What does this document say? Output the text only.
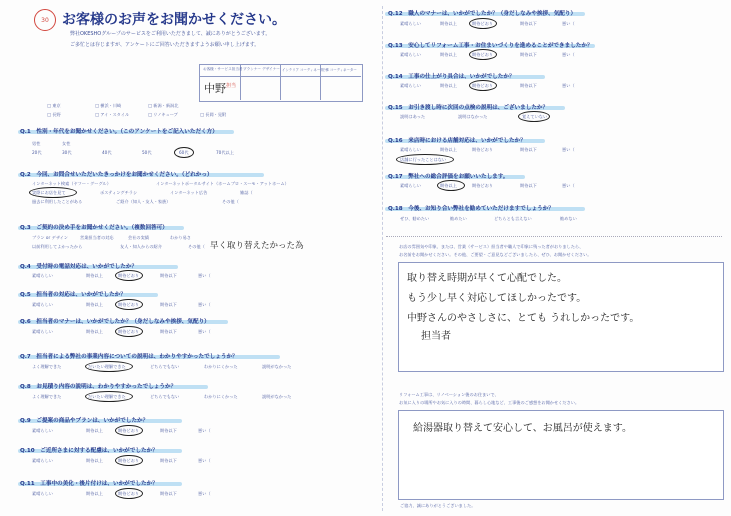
30 お客様のお声をお聞かせください。
弊社OKESHOグループのサービスをご利用いただきまして、誠にありがとうございます。
ご多忙とは存じますが、アンケートにご回答いただきますようお願い申し上げます。
お客様・サービス担当者 プランナー デザイナー インテリア コーディネーター
工事 コーディネーター
中野 担当
□ 東京	□ 横浜・川崎	□ 新潟・新潟北
□ 長野	□ アイ・スタイル	□ リノキューブ	□ 長岡・見附
Q.1　性別・年代をお聞かせください。（このアンケートをご記入いただく方）
男性	女性
20代	30代	40代	50代	60代	70代以上
Q.2　今回、お問合せいただいたきっかけをお聞かせください。（どれかっ）
インターネット検索（ヤフー・グーグル）	インターネットポータルサイト（ホームプロ・スーモ・アットホーム）
実際にお店を見て	ポスティングチラシ	インターネット広告	雑誌（
過去に利用したことがある	ご紹介（知人・友人・家族）	その他（
Q.3　ご契約の決め手をお聞かせください。（複数回答可）
プラン or デザイン	営業担当者の対応	会社の実績	わかり易さ
以前利用してよかったから	友人・知人からの紹介	その他（ 早く取り替えたかった為
Q.4　受付時の電話対応は、いかがでしたか？
素晴らしい	期待以上	期待どおり	期待以下	悪い（
Q.5　担当者の対応は、いかがでしたか？
素晴らしい	期待以上	期待どおり	期待以下	悪い（
Q.6　担当者のマナーは、いかがでしたか？（身だしなみや挨拶、気配り）
素晴らしい	期待以上	期待どおり	期待以下	悪い（
Q.7　担当者による弊社の事業内容についての説明は、わかりやすかったでしょうか？
よく理解できた	だいたい理解できた	どちらでもない	わかりにくかった	説明がなかった
Q.8　お見積り内容の説明は、わかりやすかったでしょうか？
よく理解できた	だいたい理解できた	どちらでもない	わかりにくかった	説明がなかった
Q.9　ご提案の商品やプランは、いかがでしたか？
素晴らしい	期待以上	期待どおり	期待以下	悪い（
Q.10　ご近所さまに対する配慮は、いかがでしたか？
素晴らしい	期待以上	期待どおり	期待以下	悪い（
Q.11　工事中の美化・後片付けは、いかがでしたか？
素晴らしい	期待以上	期待どおり	期待以下	悪い（
Q.12　職人のマナーは、いかがでしたか？（身だしなみや挨拶、気配り）
素晴らしい	期待以上	期待どおり	期待以下	悪い（
Q.13　安心してリフォーム工事・お住まいづくりを進めることができましたか？
素晴らしい	期待以上	期待どおり	期待以下	悪い（
Q.14　工事の仕上がり具合は、いかがでしたか？
素晴らしい	期待以上	期待どおり	期待以下	悪い（
Q.15　お引き渡し時に次回の点検の説明は、ございましたか？
説明はあった	説明はなかった	覚えていない
Q.16　来店時における店舗対応は、いかがでしたか？
素晴らしい	期待以上	期待どおり	期待以下	悪い（
店舗に行ったことはない
Q.17　弊社への総合評価をお願いいたします。
素晴らしい	期待以上	期待どおり	期待以下	悪い（
Q.18　今後、お知り合い弊社を勧めていただけますでしょうか？
ぜひ、勧めたい	勧めたい	どちらとも言えない	勧めない
お店の雰囲気や印象、または、営業（サービス）担当者や職人で印象に残った者がおりましたら、
お名前をお聞かせください。その他、ご要望・ご意見などございましたら、ぜひ、お聞かせください。
取り替え時期が早くて心配でした。
もう少し早く対応してほしかったです。
中野さんのやさしさに、とても うれしかったです。
担当者
リフォーム工事は、リノベーション後のお住まいで、
お気に入りの場所やお気に入りの時間、暮らし心地など、工事後のご感想をお聞かせください。
給湯器取り替えて安心して、お風呂が使えます。
ご協力、誠にありがとうございました。
